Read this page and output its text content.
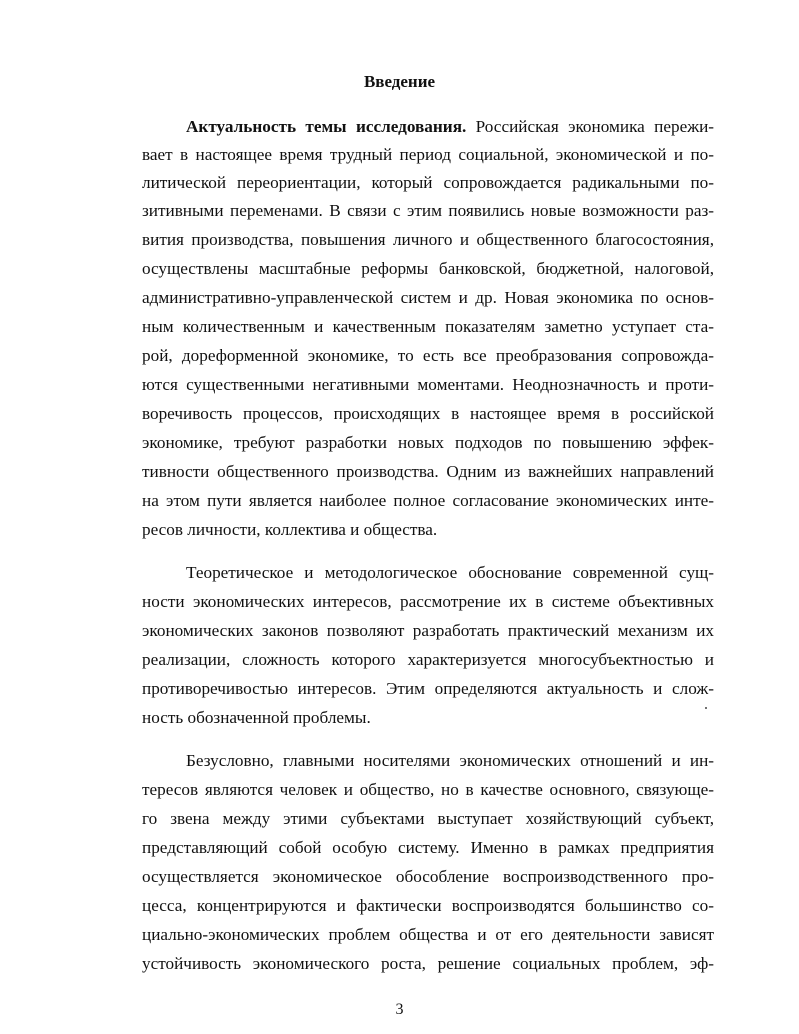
Введение
Актуальность темы исследования. Российская экономика пережи-
вает в настоящее время трудный период социальной, экономической и по-
литической переориентации, который сопровождается радикальными по-
зитивными переменами. В связи с этим появились новые возможности раз-
вития производства, повышения личного и общественного благосостояния,
осуществлены масштабные реформы банковской, бюджетной, налоговой,
административно-управленческой систем и др. Новая экономика по основ-
ным количественным и качественным показателям заметно уступает ста-
рой, дореформенной экономике, то есть все преобразования сопровожда-
ются существенными негативными моментами. Неоднозначность и проти-
воречивость процессов, происходящих в настоящее время в российской
экономике, требуют разработки новых подходов по повышению эффек-
тивности общественного производства. Одним из важнейших направлений
на этом пути является наиболее полное согласование экономических инте-
ресов личности, коллектива и общества.
Теоретическое и методологическое обоснование современной сущ-
ности экономических интересов, рассмотрение их в системе объективных
экономических законов позволяют разработать практический механизм их
реализации, сложность которого характеризуется многосубъектностью и
противоречивостью интересов. Этим определяются актуальность и слож-
ность обозначенной проблемы.
Безусловно, главными носителями экономических отношений и ин-
тересов являются человек и общество, но в качестве основного, связующе-
го звена между этими субъектами выступает хозяйствующий субъект,
представляющий собой особую систему. Именно в рамках предприятия
осуществляется экономическое обособление воспроизводственного про-
цесса, концентрируются и фактически воспроизводятся большинство со-
циально-экономических проблем общества и от его деятельности зависят
устойчивость экономического роста, решение социальных проблем, эф-
3
